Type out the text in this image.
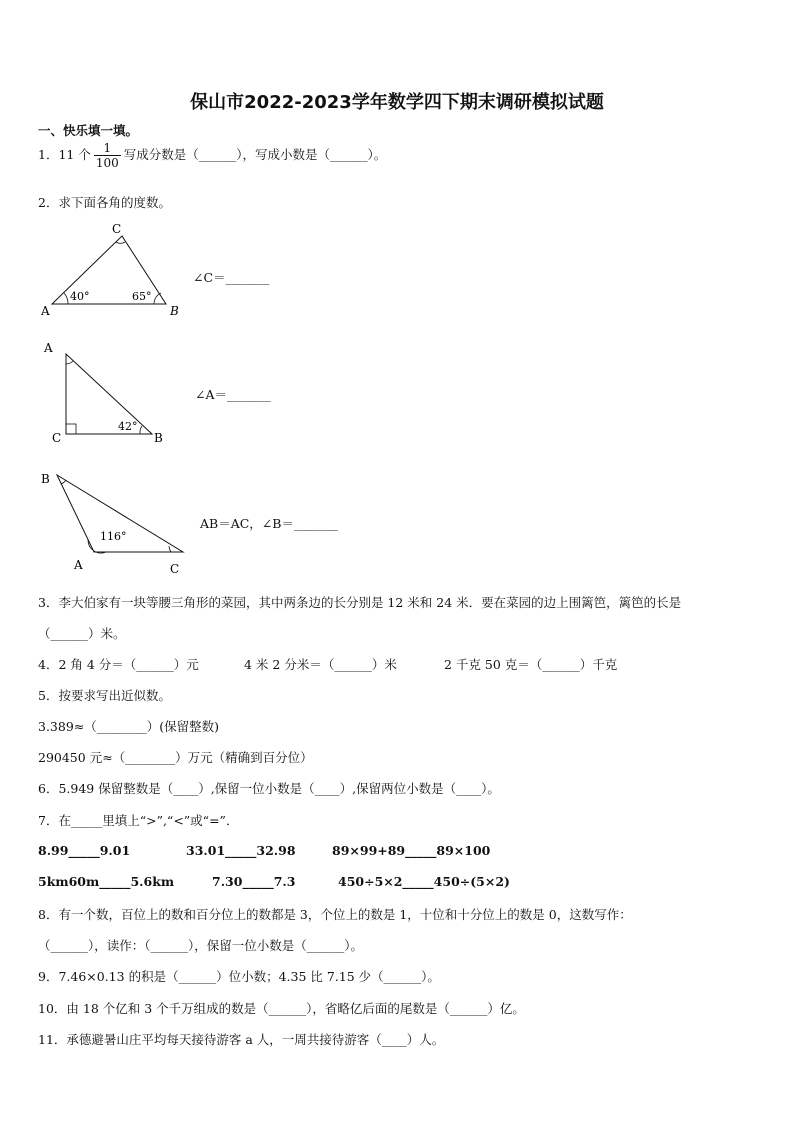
保山市2022-2023学年数学四下期末调研模拟试题
一、快乐填一填。
1．11 个 $\frac{1}{100}$ 写成分数是（______），写成小数是（______）。
2．求下面各角的度数。
C
A	B
40°	65°
∠C＝_______
A
C	B
42°
∠A＝_______
B
A	C
116°
AB＝AC，∠B＝_______
3．李大伯家有一块等腰三角形的菜园，其中两条边的长分别是 12 米和 24 米．要在菜园的边上围篱笆，篱笆的长是
（______）米。
4．2 角 4 分＝（______）元	4 米 2 分米＝（______）米	2 千克 50 克＝（______）千克
5．按要求写出近似数。
3.389≈（________）(保留整数)
290450 元≈（________）万元（精确到百分位）
6．5.949 保留整数是（____）,保留一位小数是（____）,保留两位小数是（____）。
7．在_____里填上“>”,“<”或“=”．
8.99_____9.01	33.01_____32.98	89×99+89_____89×100
5km60m_____5.6km	7.30_____7.3	450÷5×2_____450÷(5×2)
8．有一个数，百位上的数和百分位上的数都是 3，个位上的数是 1，十位和十分位上的数是 0，这数写作：
（______），读作：（______），保留一位小数是（______）。
9．7.46×0.13 的积是（______）位小数；4.35 比 7.15 少（______）。
10．由 18 个亿和 3 个千万组成的数是（______），省略亿后面的尾数是（______）亿。
11．承德避暑山庄平均每天接待游客 a 人，一周共接待游客（____）人。
